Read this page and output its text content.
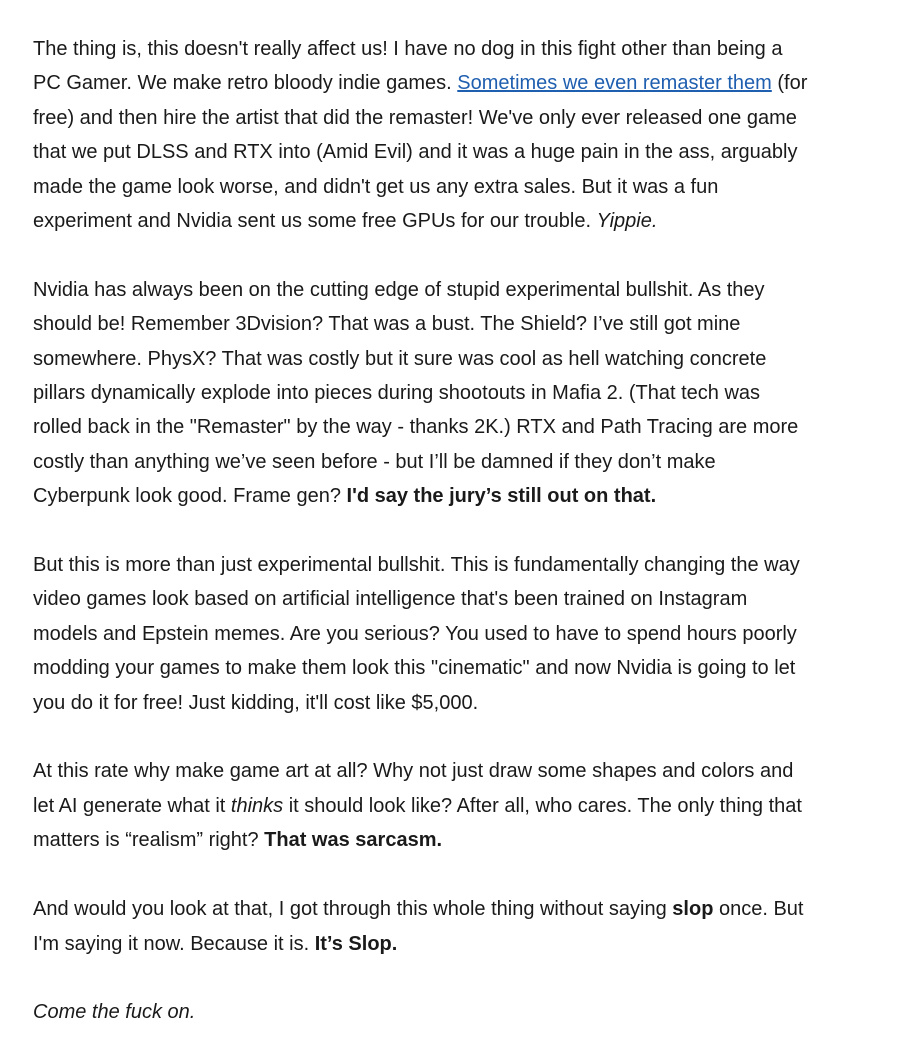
The thing is, this doesn't really affect us! I have no dog in this fight other than being a

PC Gamer. We make retro bloody indie games. Sometimes we even remaster them (for

free) and then hire the artist that did the remaster! We've only ever released one game

that we put DLSS and RTX into (Amid Evil) and it was a huge pain in the ass, arguably

made the game look worse, and didn't get us any extra sales. But it was a fun

experiment and Nvidia sent us some free GPUs for our trouble. Yippie.

Nvidia has always been on the cutting edge of stupid experimental bullshit. As they

should be! Remember 3Dvision? That was a bust. The Shield? I’ve still got mine

somewhere. PhysX? That was costly but it sure was cool as hell watching concrete

pillars dynamically explode into pieces during shootouts in Mafia 2. (That tech was

rolled back in the "Remaster" by the way - thanks 2K.) RTX and Path Tracing are more

costly than anything we’ve seen before - but I’ll be damned if they don’t make

Cyberpunk look good. Frame gen? I'd say the jury’s still out on that.

But this is more than just experimental bullshit. This is fundamentally changing the way

video games look based on artificial intelligence that's been trained on Instagram

models and Epstein memes. Are you serious? You used to have to spend hours poorly

modding your games to make them look this "cinematic" and now Nvidia is going to let

you do it for free! Just kidding, it'll cost like $5,000.

At this rate why make game art at all? Why not just draw some shapes and colors and

let AI generate what it thinks it should look like? After all, who cares. The only thing that

matters is “realism” right? That was sarcasm.

And would you look at that, I got through this whole thing without saying slop once. But

I'm saying it now. Because it is. It’s Slop.

Come the fuck on.
